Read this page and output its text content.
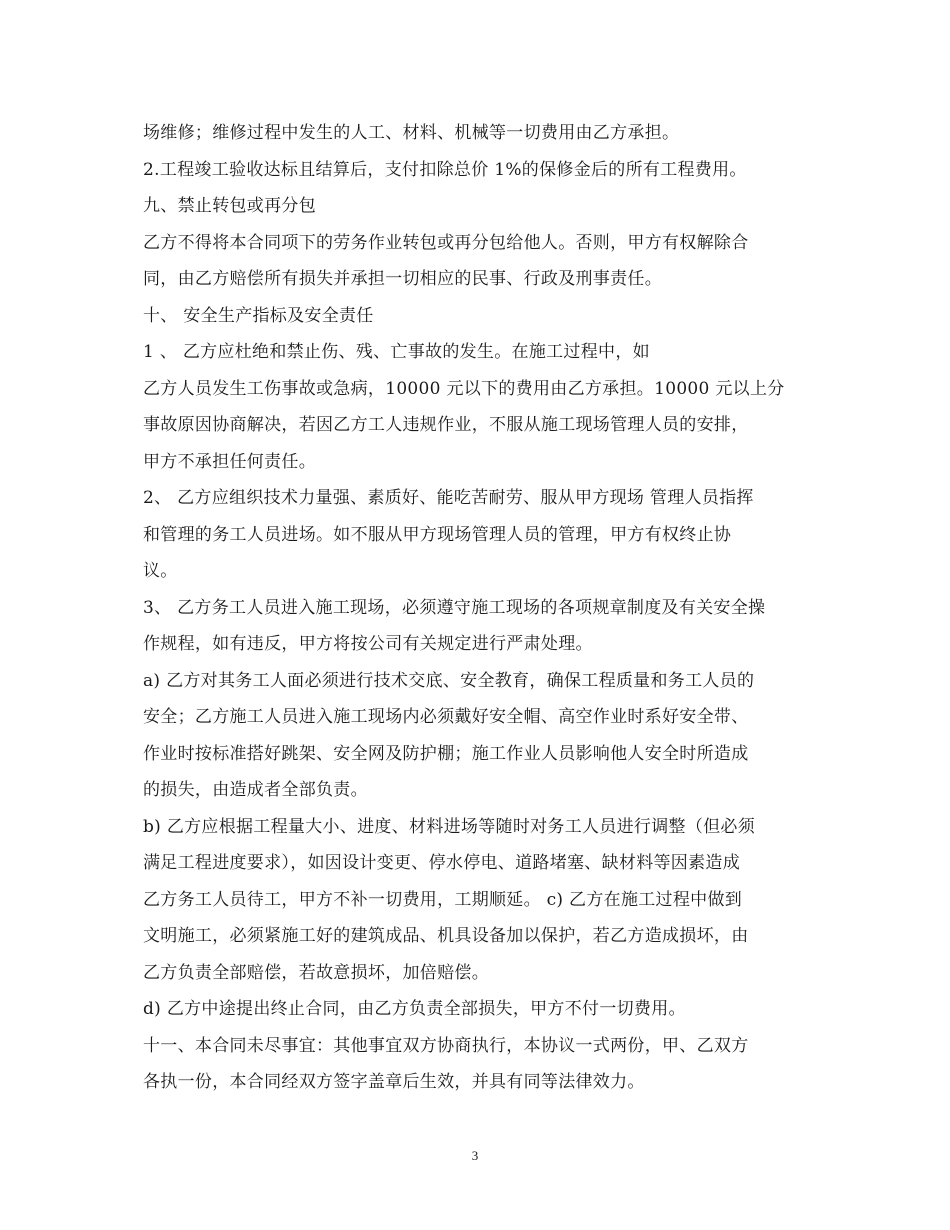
场维修；维修过程中发生的人工、材料、机械等一切费用由乙方承担。
2.工程竣工验收达标且结算后，支付扣除总价 1%的保修金后的所有工程费用。
九、禁止转包或再分包
乙方不得将本合同项下的劳务作业转包或再分包给他人。否则，甲方有权解除合
同，由乙方赔偿所有损失并承担一切相应的民事、行政及刑事责任。
十、 安全生产指标及安全责任
1 、 乙方应杜绝和禁止伤、残、亡事故的发生。在施工过程中，如
乙方人员发生工伤事故或急病，10000 元以下的费用由乙方承担。10000 元以上分
事故原因协商解决，若因乙方工人违规作业，不服从施工现场管理人员的安排，
甲方不承担任何责任。
2、 乙方应组织技术力量强、素质好、能吃苦耐劳、服从甲方现场 管理人员指挥
和管理的务工人员进场。如不服从甲方现场管理人员的管理，甲方有权终止协
议。
3、 乙方务工人员进入施工现场，必须遵守施工现场的各项规章制度及有关安全操
作规程，如有违反，甲方将按公司有关规定进行严肃处理。
a) 乙方对其务工人面必须进行技术交底、安全教育，确保工程质量和务工人员的
安全；乙方施工人员进入施工现场内必须戴好安全帽、高空作业时系好安全带、
作业时按标准搭好跳架、安全网及防护棚；施工作业人员影响他人安全时所造成
的损失，由造成者全部负责。
b) 乙方应根据工程量大小、进度、材料进场等随时对务工人员进行调整（但必须
满足工程进度要求），如因设计变更、停水停电、道路堵塞、缺材料等因素造成
乙方务工人员待工，甲方不补一切费用，工期顺延。 c) 乙方在施工过程中做到
文明施工，必须紧施工好的建筑成品、机具设备加以保护，若乙方造成损坏，由
乙方负责全部赔偿，若故意损坏，加倍赔偿。
d) 乙方中途提出终止合同，由乙方负责全部损失，甲方不付一切费用。
十一、本合同未尽事宜：其他事宜双方协商执行，本协议一式两份，甲、乙双方
各执一份，本合同经双方签字盖章后生效，并具有同等法律效力。
3
